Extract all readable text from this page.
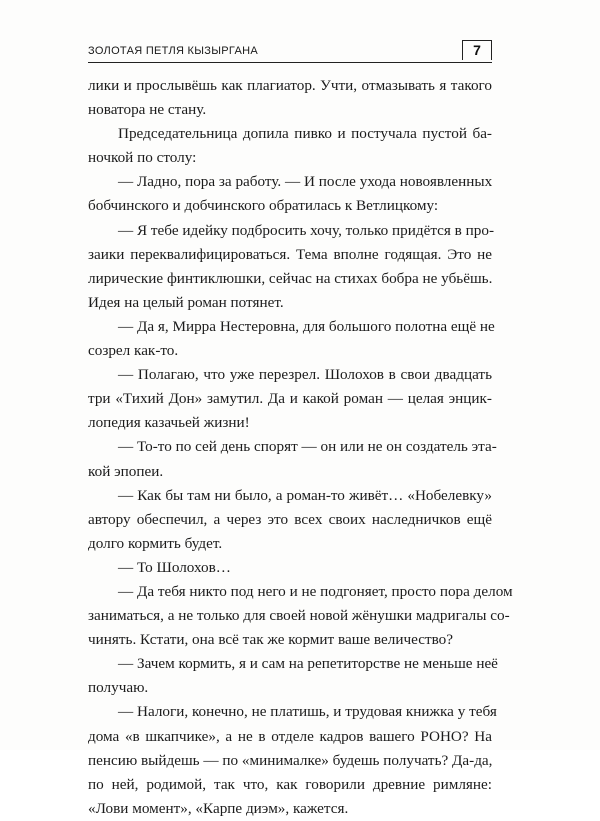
ЗОЛОТАЯ ПЕТЛЯ КЫЗЫРГАНА	7
лики и прослывёшь как плагиатор. Учти, отмазывать я такого
новатора не стану.
Председательница допила пивко и постучала пустой ба-
ночкой по столу:
— Ладно, пора за работу. — И после ухода новоявленных
бобчинского и добчинского обратилась к Ветлицкому:
— Я тебе идейку подбросить хочу, только придётся в про-
заики переквалифицироваться. Тема вполне годящая. Это не
лирические финтиклюшки, сейчас на стихах бобра не убьёшь.
Идея на целый роман потянет.
— Да я, Мирра Нестеровна, для большого полотна ещё не
созрел как-то.
— Полагаю, что уже перезрел. Шолохов в свои двадцать
три «Тихий Дон» замутил. Да и какой роман — целая энцик-
лопедия казачьей жизни!
— То-то по сей день спорят — он или не он создатель эта-
кой эпопеи.
— Как бы там ни было, а роман-то живёт… «Нобелевку»
автору обеспечил, а через это всех своих наследничков ещё
долго кормить будет.
— То Шолохов…
— Да тебя никто под него и не подгоняет, просто пора делом
заниматься, а не только для своей новой жёнушки мадригалы со-
чинять. Кстати, она всё так же кормит ваше величество?
— Зачем кормить, я и сам на репетиторстве не меньше неё
получаю.
— Налоги, конечно, не платишь, и трудовая книжка у тебя
дома «в шкапчике», а не в отделе кадров вашего РОНО? На
пенсию выйдешь — по «минималке» будешь получать? Да-да,
по ней, родимой, так что, как говорили древние римляне:
«Лови момент», «Карпе диэм», кажется.
